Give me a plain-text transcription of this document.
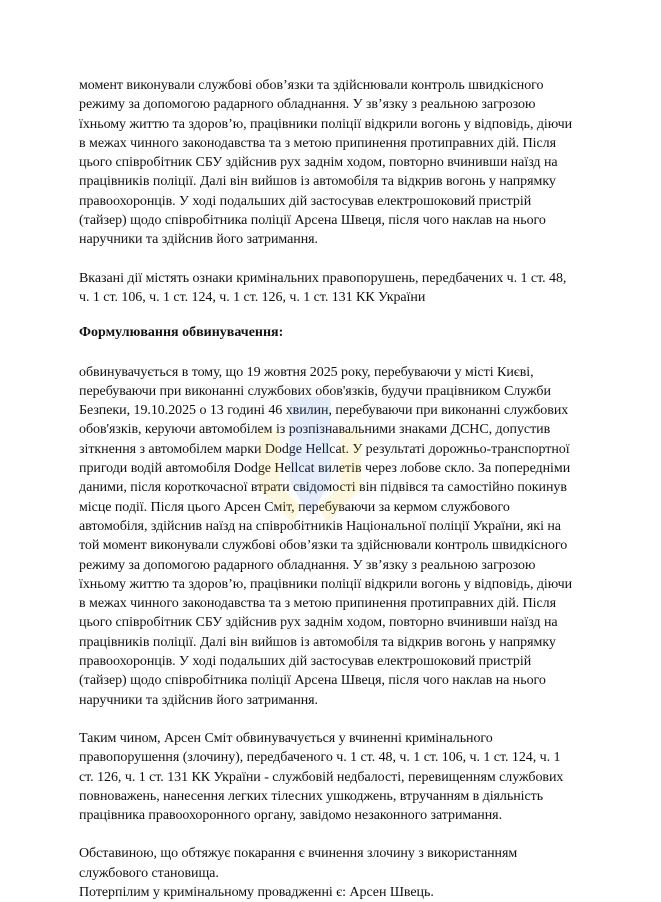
момент виконували службові обов’язки та здійснювали контроль швидкісного режиму за допомогою радарного обладнання. У зв’язку з реальною загрозою їхньому життю та здоров’ю, працівники поліції відкрили вогонь у відповідь, діючи в межах чинного законодавства та з метою припинення протиправних дій. Після цього співробітник СБУ здійснив рух заднім ходом, повторно вчинивши наїзд на працівників поліції. Далі він вийшов із автомобіля та відкрив вогонь у напрямку правоохоронців. У ході подальших дій застосував електрошоковий пристрій (тайзер) щодо співробітника поліції Арсена Швеця, після чого наклав на нього наручники та здійснив його затримання.

Вказані дії містять ознаки кримінальних правопорушень, передбачених ч. 1 ст. 48, ч. 1 ст. 106, ч. 1 ст. 124, ч. 1 ст. 126, ч. 1 ст. 131 КК України

Формулювання обвинувачення:

обвинувачується в тому, що 19 жовтня 2025 року, перебуваючи у місті Києві, перебуваючи при виконанні службових обов'язків, будучи працівником Служби Безпеки, 19.10.2025 о 13 годині 46 хвилин, перебуваючи при виконанні службових обов'язків, керуючи автомобілем із розпізнавальними знаками ДСНС, допустив зіткнення з автомобілем марки Dodge Hellcat. У результаті дорожньо-транспортної пригоди водій автомобіля Dodge Hellcat вилетів через лобове скло. За попередніми даними, після короткочасної втрати свідомості він підвівся та самостійно покинув місце події. Після цього Арсен Сміт, перебуваючи за кермом службового автомобіля, здійснив наїзд на співробітників Національної поліції України, які на той момент виконували службові обов’язки та здійснювали контроль швидкісного режиму за допомогою радарного обладнання. У зв’язку з реальною загрозою їхньому життю та здоров’ю, працівники поліції відкрили вогонь у відповідь, діючи в межах чинного законодавства та з метою припинення протиправних дій. Після цього співробітник СБУ здійснив рух заднім ходом, повторно вчинивши наїзд на працівників поліції. Далі він вийшов із автомобіля та відкрив вогонь у напрямку правоохоронців. У ході подальших дій застосував електрошоковий пристрій (тайзер) щодо співробітника поліції Арсена Швеця, після чого наклав на нього наручники та здійснив його затримання.

Таким чином, Арсен Сміт обвинувачується у вчиненні кримінального правопорушення (злочину), передбаченого ч. 1 ст. 48, ч. 1 ст. 106, ч. 1 ст. 124, ч. 1 ст. 126, ч. 1 ст. 131 КК України - службовій недбалості, перевищенням службових повноважень, нанесення легких тілесних ушкоджень, втручанням в діяльність працівника правоохоронного органу, завідомо незаконного затримання.

Обставиною, що обтяжує покарання є вчинення злочину з використанням службового становища.

Потерпілим у кримінальному провадженні є: Арсен Швець.
